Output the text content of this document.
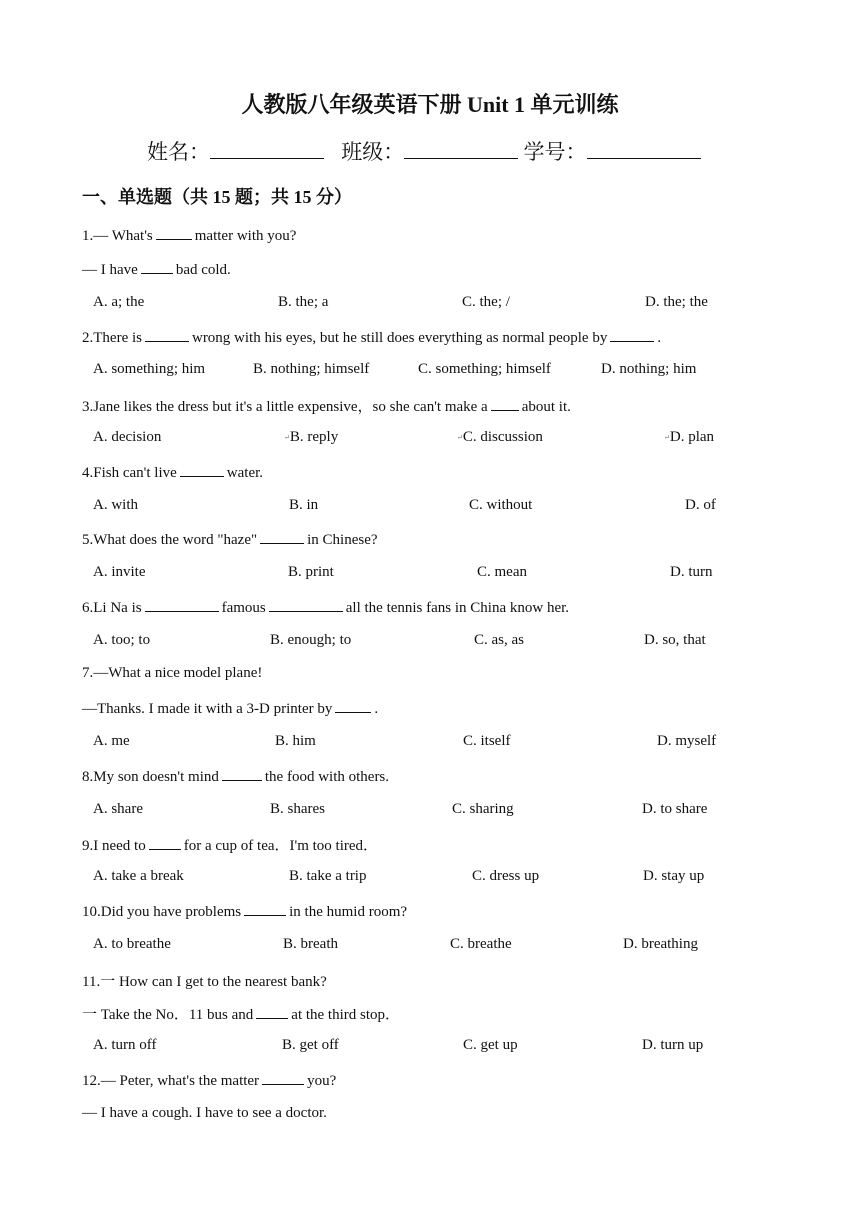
人教版八年级英语下册 Unit 1 单元训练
姓名：	班级：	学号：
一、单选题（共 15 题；共 15 分）
1.— What's	matter with you?
— I have	bad cold.
A. a; the	B. the; a	C. the; /	D. the; the
2.There is	wrong with his eyes, but he still does everything as normal people by	.
A. something; him	B. nothing; himself	C. something; himself	D. nothing; him
3.Jane likes the dress but it's a little expensive，so she can't make a about it.
A. decision	↵B. reply	↵C. discussion	↵D. plan
4.Fish can't live	water.
A. with	B. in	C. without	D. of
5.What does the word "haze"	in Chinese?
A. invite	B. print	C. mean	D. turn
6.Li Na is	famous	all the tennis fans in China know her.
A. too; to	B. enough; to	C. as, as	D. so, that
7.—What a nice model plane!
—Thanks. I made it with a 3-D printer by	.
A. me	B. him	C. itself	D. myself
8.My son doesn't mind	the food with others.
A. share	B. shares	C. sharing	D. to share
9.I need to	for a cup of tea．I'm too tired．
A. take a break	B. take a trip	C. dress up	D. stay up
10.Did you have problems	in the humid room?
A. to breathe	B. breath	C. breathe	D. breathing
11.一 How can I get to the nearest bank?
一 Take the No．11 bus and	at the third stop．
A. turn off	B. get off	C. get up	D. turn up
12.— Peter, what's the matter	you?
— I have a cough. I have to see a doctor.
